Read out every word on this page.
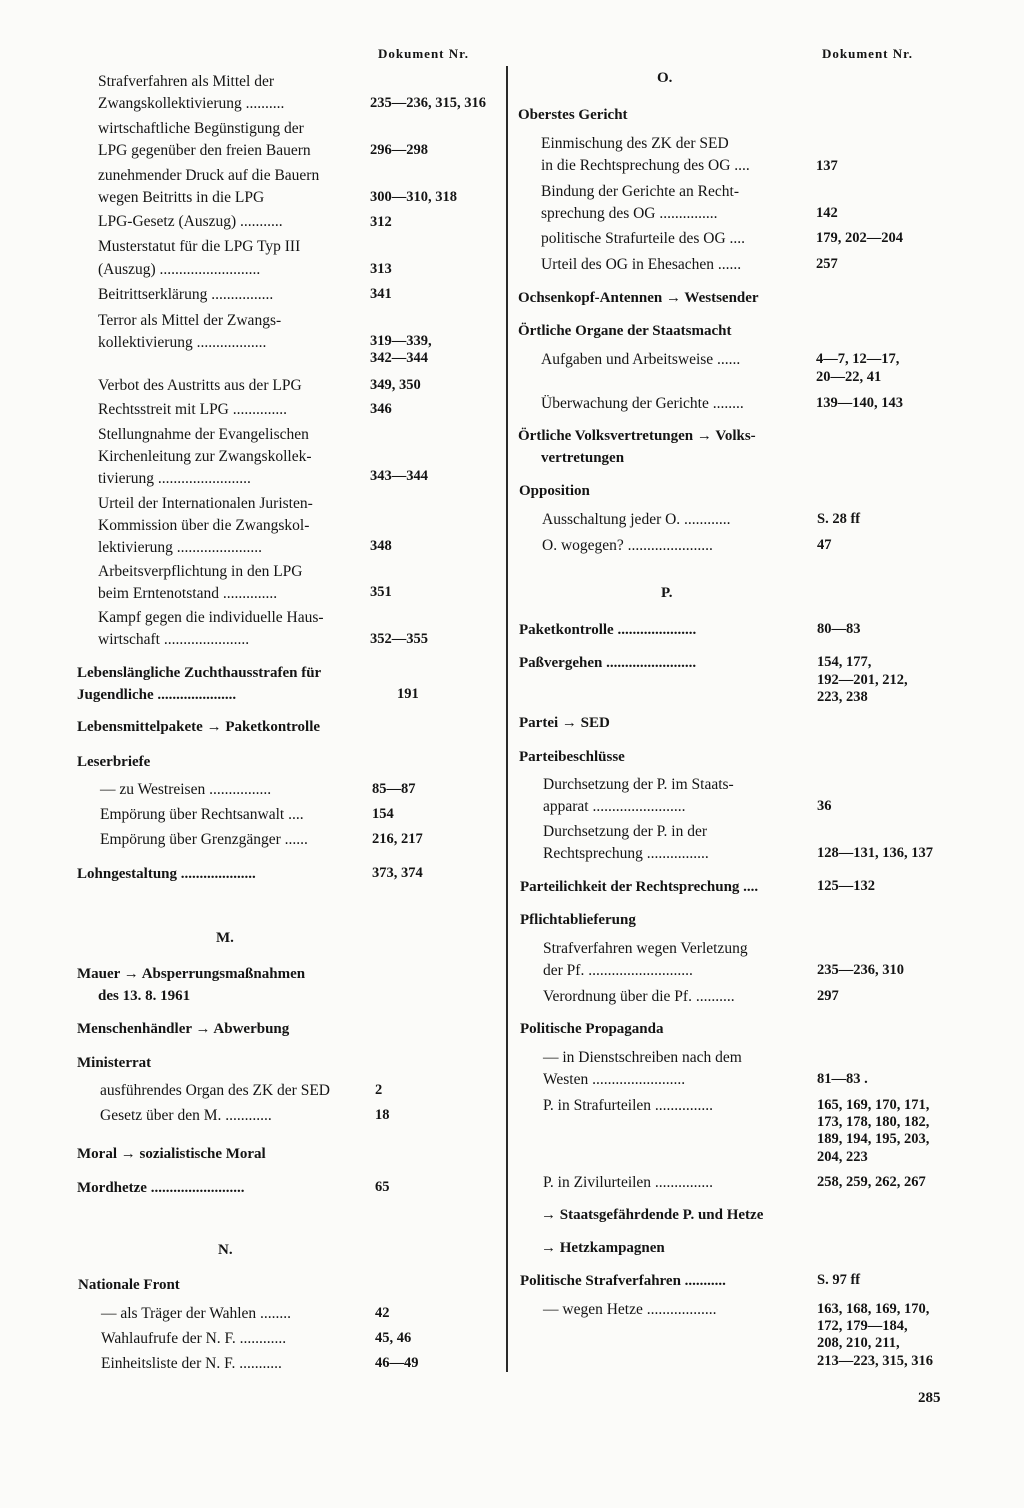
Dokument Nr.	Dokument Nr.
Strafverfahren als Mittel der
Zwangskollektivierung ..........	235—236, 315, 316
wirtschaftliche Begünstigung der
LPG gegenüber den freien Bauern	296—298
zunehmender Druck auf die Bauern
wegen Beitritts in die LPG	300—310, 318
LPG-Gesetz (Auszug) ...........	312
Musterstatut für die LPG Typ III
(Auszug) ..........................	313
Beitrittserklärung ................	341
Terror als Mittel der Zwangs-
kollektivierung ..................	319—339,
342—344
Verbot des Austritts aus der LPG	349, 350
Rechtsstreit mit LPG ..............	346
Stellungnahme der Evangelischen
Kirchenleitung zur Zwangskollek-
tivierung ........................	343—344
Urteil der Internationalen Juristen-
Kommission über die Zwangskol-
lektivierung ......................	348
Arbeitsverpflichtung in den LPG
beim Erntenotstand ..............	351
Kampf gegen die individuelle Haus-
wirtschaft ......................	352—355
Lebenslängliche Zuchthausstrafen für
Jugendliche .....................	191
Lebensmittelpakete → Paketkontrolle
Leserbriefe
— zu Westreisen ................	85—87
Empörung über Rechtsanwalt ....	154
Empörung über Grenzgänger ......	216, 217
Lohngestaltung ....................	373, 374
M.
Mauer → Absperrungsmaßnahmen
des 13. 8. 1961
Menschenhändler → Abwerbung
Ministerrat
ausführendes Organ des ZK der SED	2
Gesetz über den M. ............	18
Moral → sozialistische Moral
Mordhetze .........................	65
N.
Nationale Front
— als Träger der Wahlen ........	42
Wahlaufrufe der N. F. ............	45, 46
Einheitsliste der N. F. ...........	46—49
O.
Oberstes Gericht
Einmischung des ZK der SED
in die Rechtsprechung des OG ....	137
Bindung der Gerichte an Recht-
sprechung des OG ...............	142
politische Strafurteile des OG ....	179, 202—204
Urteil des OG in Ehesachen ......	257
Ochsenkopf-Antennen → Westsender
Örtliche Organe der Staatsmacht
Aufgaben und Arbeitsweise ......	4—7, 12—17,
20—22, 41
Überwachung der Gerichte ........	139—140, 143
Örtliche Volksvertretungen → Volks-
vertretungen
Opposition
Ausschaltung jeder O. ............	S. 28 ff
O. wogegen? ......................	47
P.
Paketkontrolle .....................	80—83
Paßvergehen ........................	154, 177,
192—201, 212,
223, 238
Partei → SED
Parteibeschlüsse
Durchsetzung der P. im Staats-
apparat ........................	36
Durchsetzung der P. in der
Rechtsprechung ................	128—131, 136, 137
Parteilichkeit der Rechtsprechung ....	125—132
Pflichtablieferung
Strafverfahren wegen Verletzung
der Pf. ...........................	235—236, 310
Verordnung über die Pf. ..........	297
Politische Propaganda
— in Dienstschreiben nach dem
Westen ........................	81—83 .
P. in Strafurteilen ...............	165, 169, 170, 171,
173, 178, 180, 182,
189, 194, 195, 203,
204, 223
P. in Zivilurteilen ...............	258, 259, 262, 267
→ Staatsgefährdende P. und Hetze
→ Hetzkampagnen
Politische Strafverfahren ...........	S. 97 ff
— wegen Hetze ..................	163, 168, 169, 170,
172, 179—184,
208, 210, 211,
213—223, 315, 316
285
